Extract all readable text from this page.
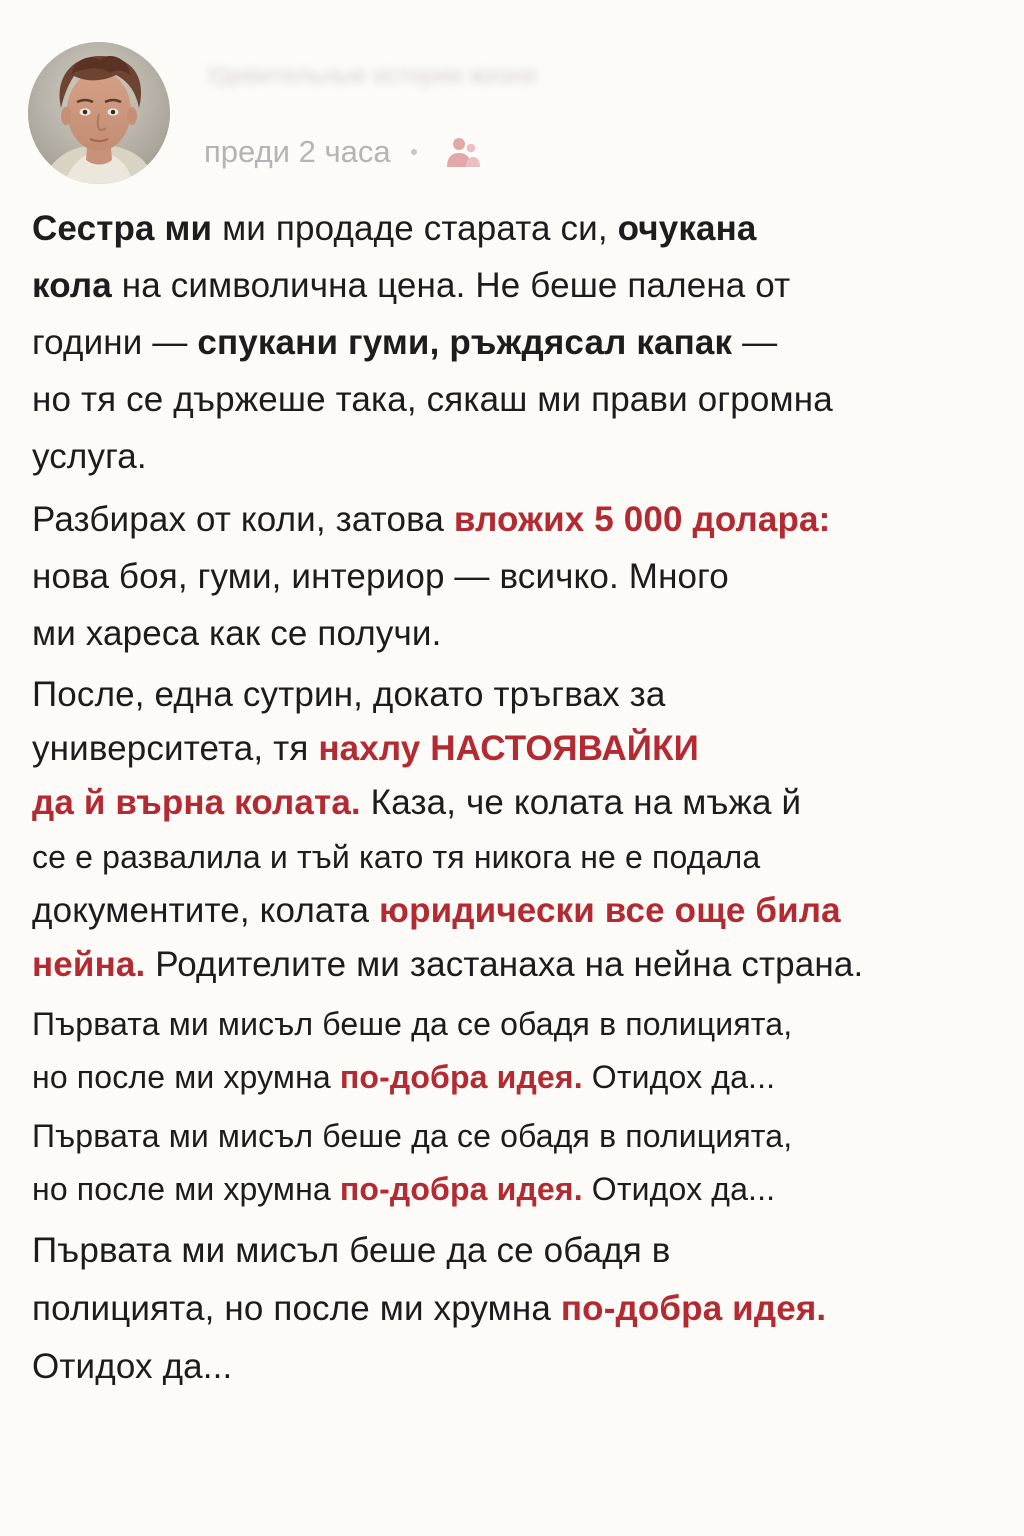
Удивительные истории жизни
преди 2 часа

Сестра ми ми продаде старата си, очукана
кола на символична цена. Не беше палена от
години — спукани гуми, ръждясал капак —
но тя се държеше така, сякаш ми прави огромна
услуга.

Разбирах от коли, затова вложих 5 000 долара:
нова боя, гуми, интериор — всичко. Много
ми хареса как се получи.

После, една сутрин, докато тръгвах за
университета, тя нахлу НАСТОЯВАЙКИ
да й върна колата. Каза, че колата на мъжа й
се е развалила и тъй като тя никога не е подала
документите, колата юридически все още била
нейна. Родителите ми застанаха на нейна страна.

Първата ми мисъл беше да се обадя в полицията,
но после ми хрумна по-добра идея. Отидох да...

Първата ми мисъл беше да се обадя в полицията,
но после ми хрумна по-добра идея. Отидох да...

Първата ми мисъл беше да се обадя в
полицията, но после ми хрумна по-добра идея.
Отидох да...
